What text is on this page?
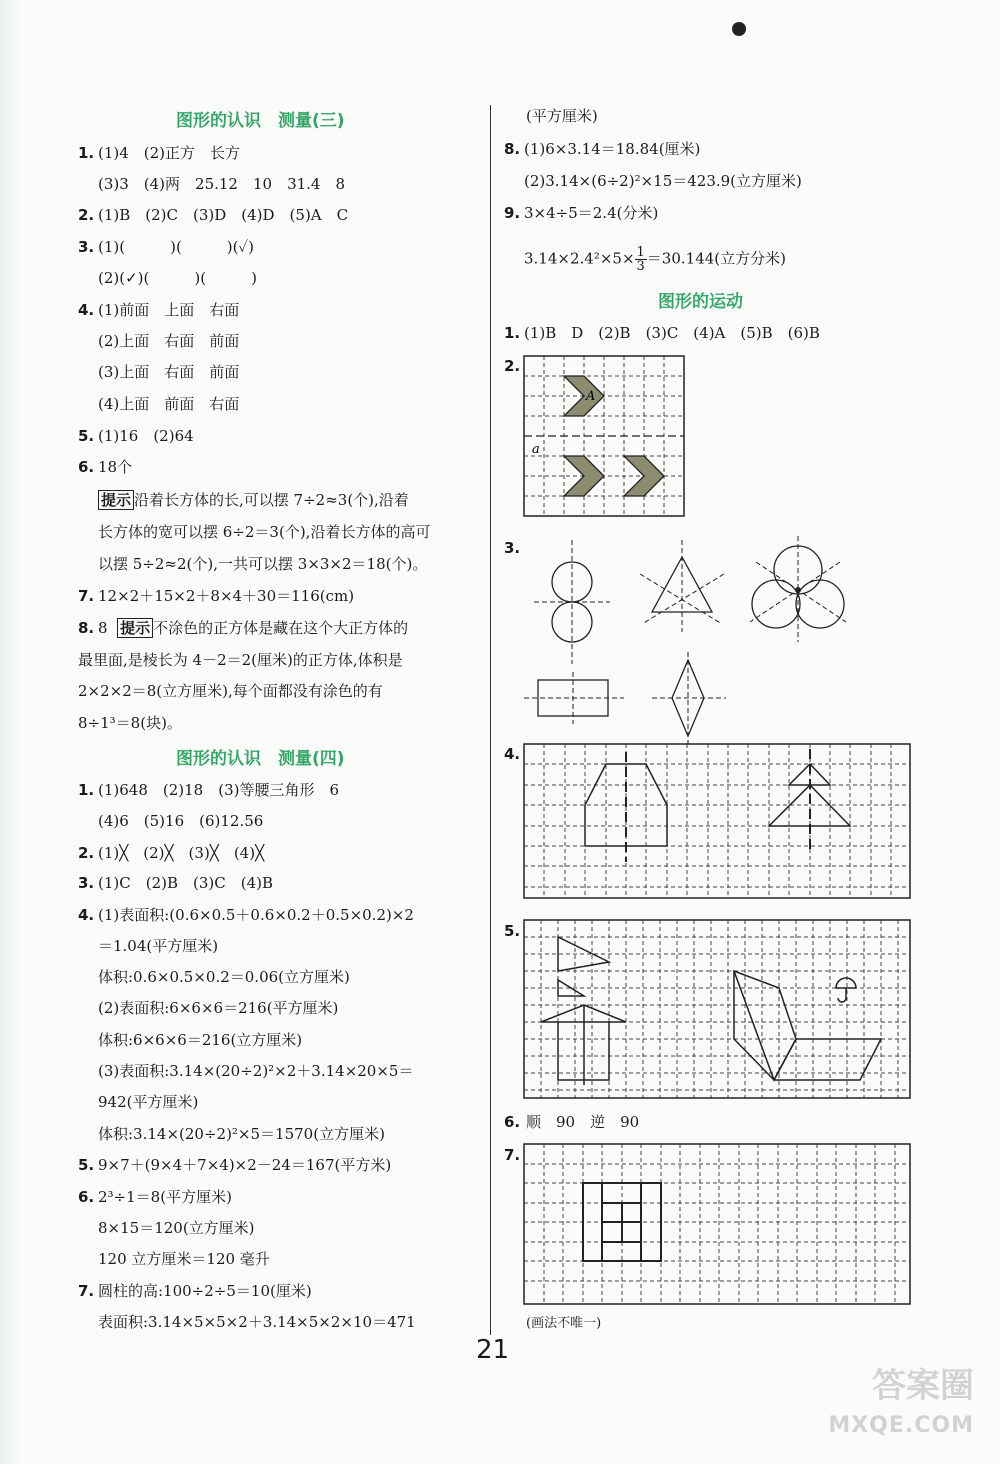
图形的认识　测量(三)
1. (1)4　(2)正方　长方
(3)3　(4)两　25.12　10　31.4　8
2. (1)B　(2)C　(3)D　(4)D　(5)A　C
3. (1)(　　　)(　　　)(✓)
(2)(✓)(　　　)(　　　)
4. (1)前面　上面　右面
(2)上面　右面　前面
(3)上面　右面　前面
(4)上面　前面　右面
5. (1)16　(2)64
6. 18个
提示 沿着长方体的长,可以摆 7÷2≈3(个),沿着
长方体的宽可以摆 6÷2＝3(个),沿着长方体的高可
以摆 5÷2≈2(个),一共可以摆 3×3×2＝18(个)。
7. 12×2＋15×2＋8×4＋30＝116(cm)
8. 8 提示 不涂色的正方体是藏在这个大正方体的
最里面,是棱长为 4－2＝2(厘米)的正方体,体积是
2×2×2＝8(立方厘米),每个面都没有涂色的有
8÷1³＝8(块)。
图形的认识　测量(四)
1. (1)648　(2)18　(3)等腰三角形　6
(4)6　(5)16　(6)12.56
2. (1)╳　(2)╳　(3)╳　(4)╳
3. (1)C　(2)B　(3)C　(4)B
4. (1)表面积:(0.6×0.5＋0.6×0.2＋0.5×0.2)×2
＝1.04(平方厘米)
体积:0.6×0.5×0.2＝0.06(立方厘米)
(2)表面积:6×6×6＝216(平方厘米)
体积:6×6×6＝216(立方厘米)
(3)表面积:3.14×(20÷2)²×2＋3.14×20×5＝
942(平方厘米)
体积:3.14×(20÷2)²×5＝1570(立方厘米)
5. 9×7＋(9×4＋7×4)×2－24＝167(平方米)
6. 2³÷1＝8(平方厘米)
8×15＝120(立方厘米)
120 立方厘米＝120 毫升
7. 圆柱的高:100÷2÷5＝10(厘米)
表面积:3.14×5×5×2＋3.14×5×2×10＝471
(平方厘米)
8. (1)6×3.14＝18.84(厘米)
(2)3.14×(6÷2)²×15＝423.9(立方厘米)
9. 3×4÷5＝2.4(分米)
$3.14\times 2.4^2\times 5\times \frac{1}{3} =30.144$(立方分米)
图形的运动
1. (1)B　D　(2)B　(3)C　(4)A　(5)B　(6)B
2.
A
a
3.
4.
5.
6. 顺　90　逆　90
7.
(画法不唯一)
21
答案圈
MXQE.COM
